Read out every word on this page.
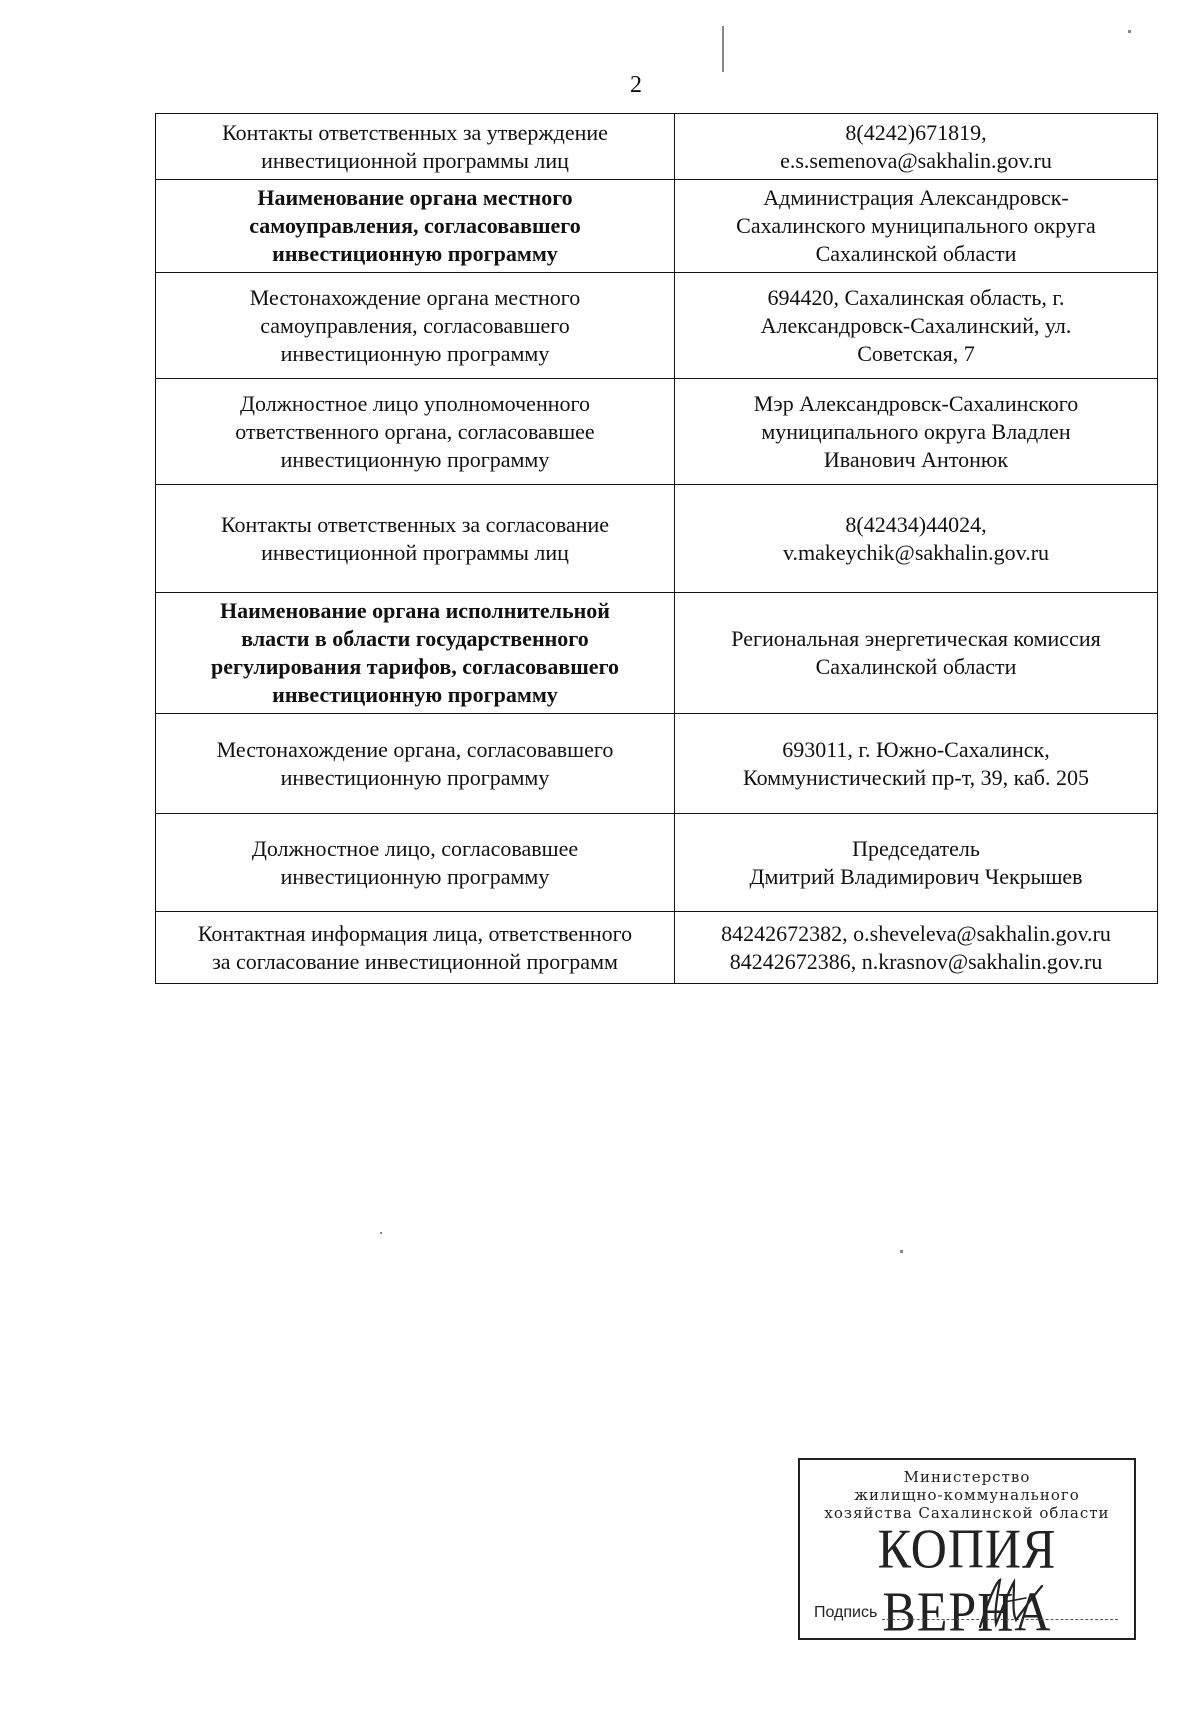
2
Контакты ответственных за утверждение
инвестиционной программы лиц	8(4242)671819,
e.s.semenova@sakhalin.gov.ru

Наименование органа местного
самоуправления, согласовавшего
инвестиционную программу	Администрация Александровск-
Сахалинского муниципального округа
Сахалинской области

Местонахождение органа местного
самоуправления, согласовавшего
инвестиционную программу	694420, Сахалинская область, г.
Александровск-Сахалинский, ул.
Советская, 7

Должностное лицо уполномоченного
ответственного органа, согласовавшее
инвестиционную программу	Мэр Александровск-Сахалинского
муниципального округа Владлен
Иванович Антонюк

Контакты ответственных за согласование
инвестиционной программы лиц	8(42434)44024,
v.makeychik@sakhalin.gov.ru

Наименование органа исполнительной
власти в области государственного
регулирования тарифов, согласовавшего
инвестиционную программу	Региональная энергетическая комиссия
Сахалинской области

Местонахождение органа, согласовавшего
инвестиционную программу	693011, г. Южно-Сахалинск,
Коммунистический пр-т, 39, каб. 205

Должностное лицо, согласовавшее
инвестиционную программу	Председатель
Дмитрий Владимирович Чекрышев

Контактная информация лица, ответственного
за согласование инвестиционной программ	84242672382, o.sheveleva@sakhalin.gov.ru
84242672386, n.krasnov@sakhalin.gov.ru
Министерство
жилищно-коммунального
хозяйства Сахалинской области
КОПИЯ ВЕРНА
Подпись
